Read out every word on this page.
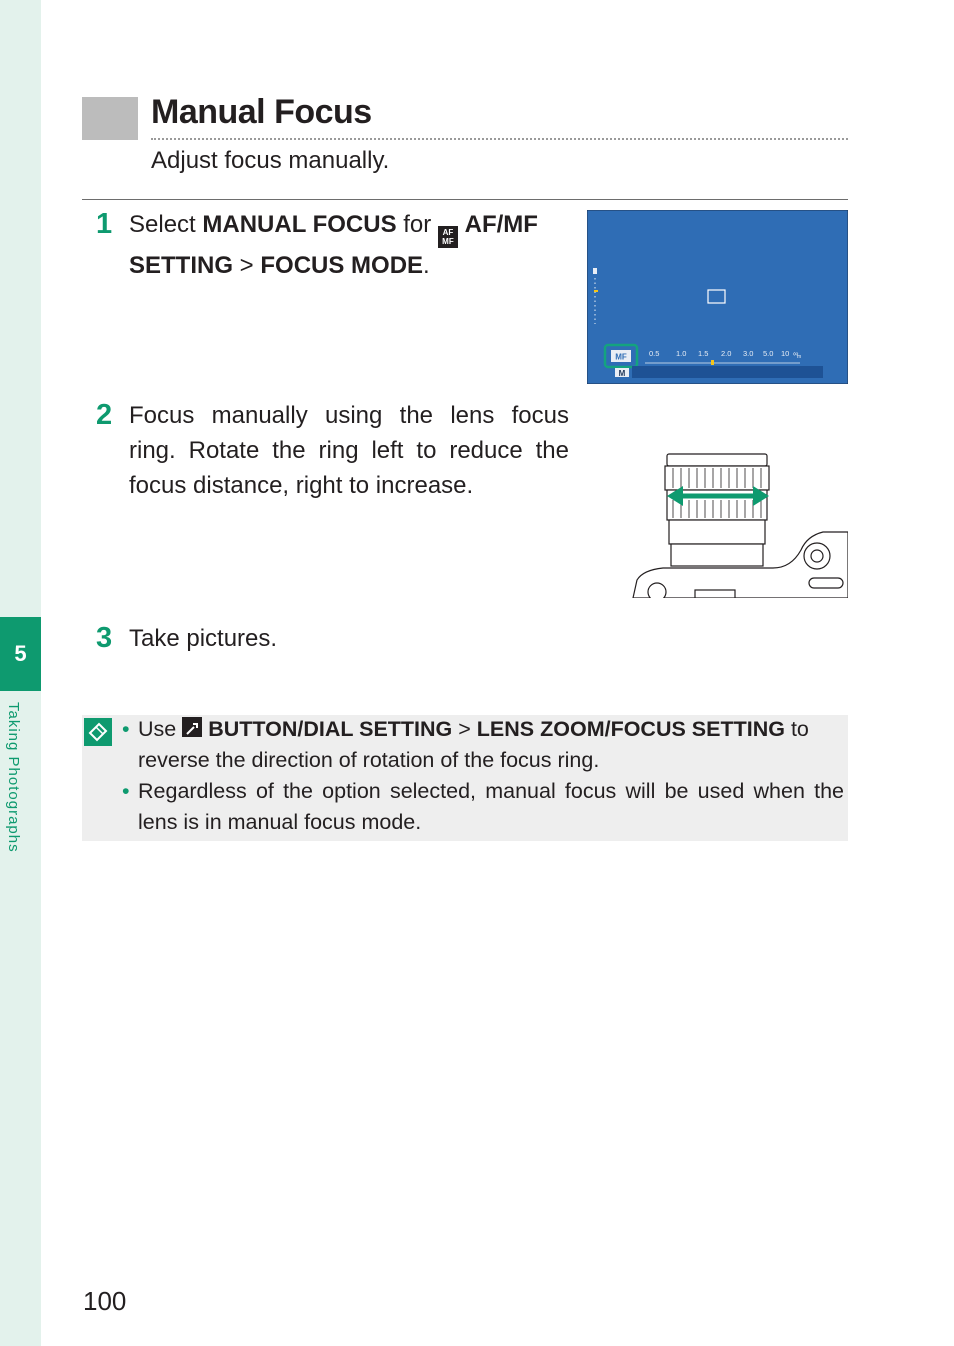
5
Taking Photographs
Manual Focus
Adjust focus manually.
1 Select MANUAL FOCUS for AF
MF
AF/MF SETTING > FOCUS MODE.
MF
M
0.5 1.0 1.5 2.0 3.0 5.0 10 ∞
m
2 Focus manually using the lens focus ring. Rotate the ring left to reduce the focus distance, right to increase.
3 Take pictures.
• Use  BUTTON/DIAL SETTING > LENS ZOOM/FOCUS SETTING to reverse the direction of rotation of the focus ring.
• Regardless of the option selected, manual focus will be used when the lens is in manual focus mode.
100
